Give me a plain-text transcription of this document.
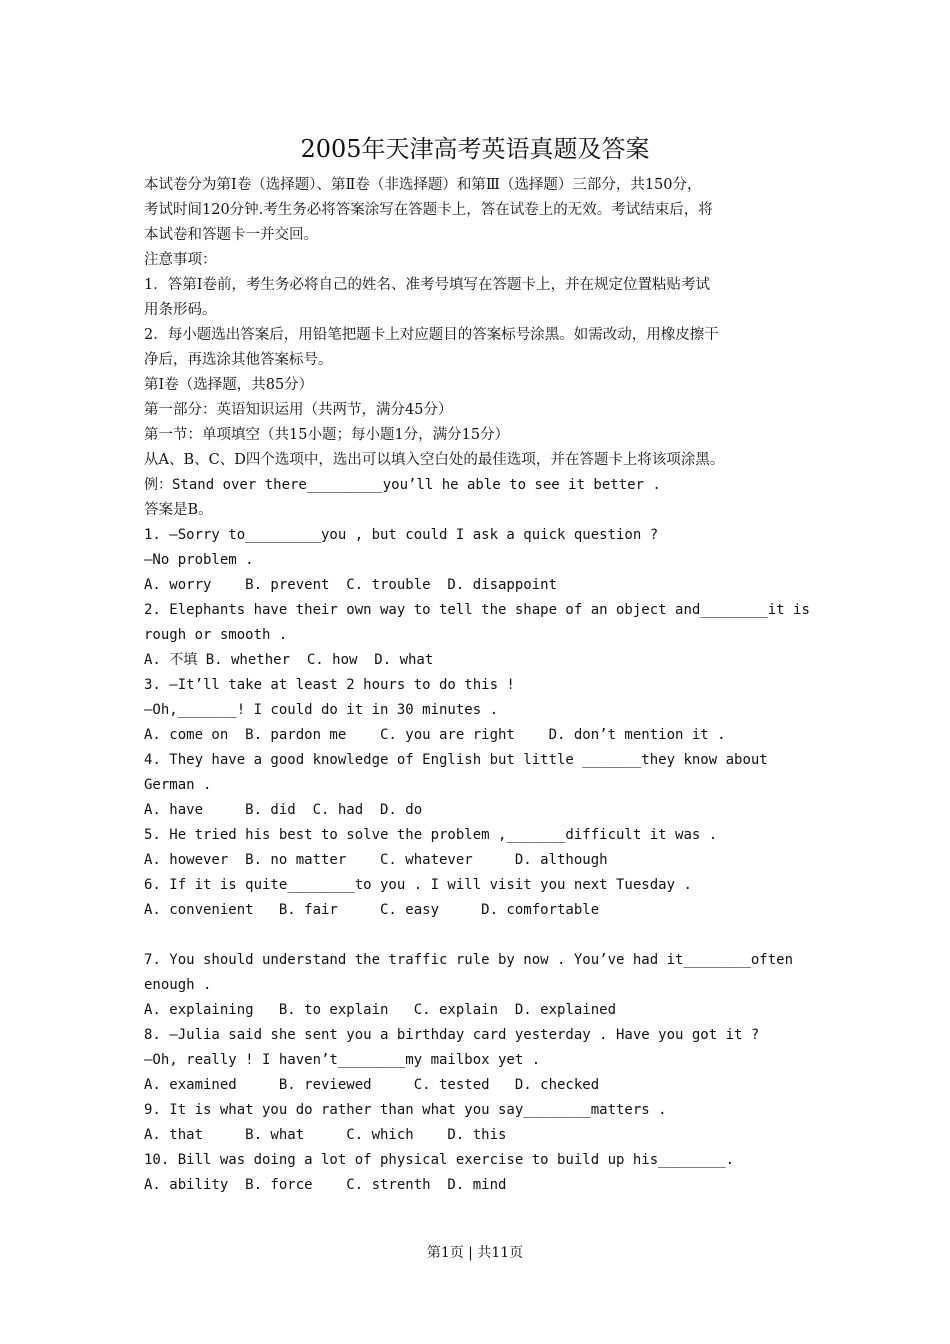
2005年天津高考英语真题及答案
本试卷分为第Ⅰ卷（选择题）、第Ⅱ卷（非选择题）和第Ⅲ（选择题）三部分，共150分，
考试时间120分钟.考生务必将答案涂写在答题卡上，答在试卷上的无效。考试结束后，将
本试卷和答题卡一并交回。
注意事项：
1．答第Ⅰ卷前，考生务必将自己的姓名、准考号填写在答题卡上，并在规定位置粘贴考试
用条形码。
2．每小题选出答案后，用铅笔把题卡上对应题目的答案标号涂黑。如需改动，用橡皮擦干
净后，再选涂其他答案标号。
第Ⅰ卷（选择题，共85分）
第一部分：英语知识运用（共两节，满分45分）
第一节：单项填空（共15小题；每小题1分，满分15分）
从A、B、C、D四个选项中，选出可以填入空白处的最佳选项，并在答题卡上将该项涂黑。
例：Stand over there_________you’ll he able to see it better .
答案是B。
1. —Sorry to_________you , but could I ask a quick question ?
—No problem .
A. worry    B. prevent  C. trouble  D. disappoint
2. Elephants have their own way to tell the shape of an object and________it is
rough or smooth .
A. 不填 B. whether  C. how  D. what
3. —It’ll take at least 2 hours to do this !
—Oh,_______! I could do it in 30 minutes .
A. come on  B. pardon me    C. you are right    D. don’t mention it .
4. They have a good knowledge of English but little _______they know about
German .
A. have     B. did  C. had  D. do
5. He tried his best to solve the problem ,_______difficult it was .
A. however  B. no matter    C. whatever     D. although
6. If it is quite________to you . I will visit you next Tuesday .
A. convenient   B. fair     C. easy     D. comfortable
7. You should understand the traffic rule by now . You’ve had it________often
enough .
A. explaining   B. to explain   C. explain  D. explained
8. —Julia said she sent you a birthday card yesterday . Have you got it ?
—Oh, really ! I haven’t________my mailbox yet .
A. examined     B. reviewed     C. tested   D. checked
9. It is what you do rather than what you say________matters .
A. that     B. what     C. which    D. this
10. Bill was doing a lot of physical exercise to build up his________.
A. ability  B. force    C. strenth  D. mind
第1页 | 共11页
